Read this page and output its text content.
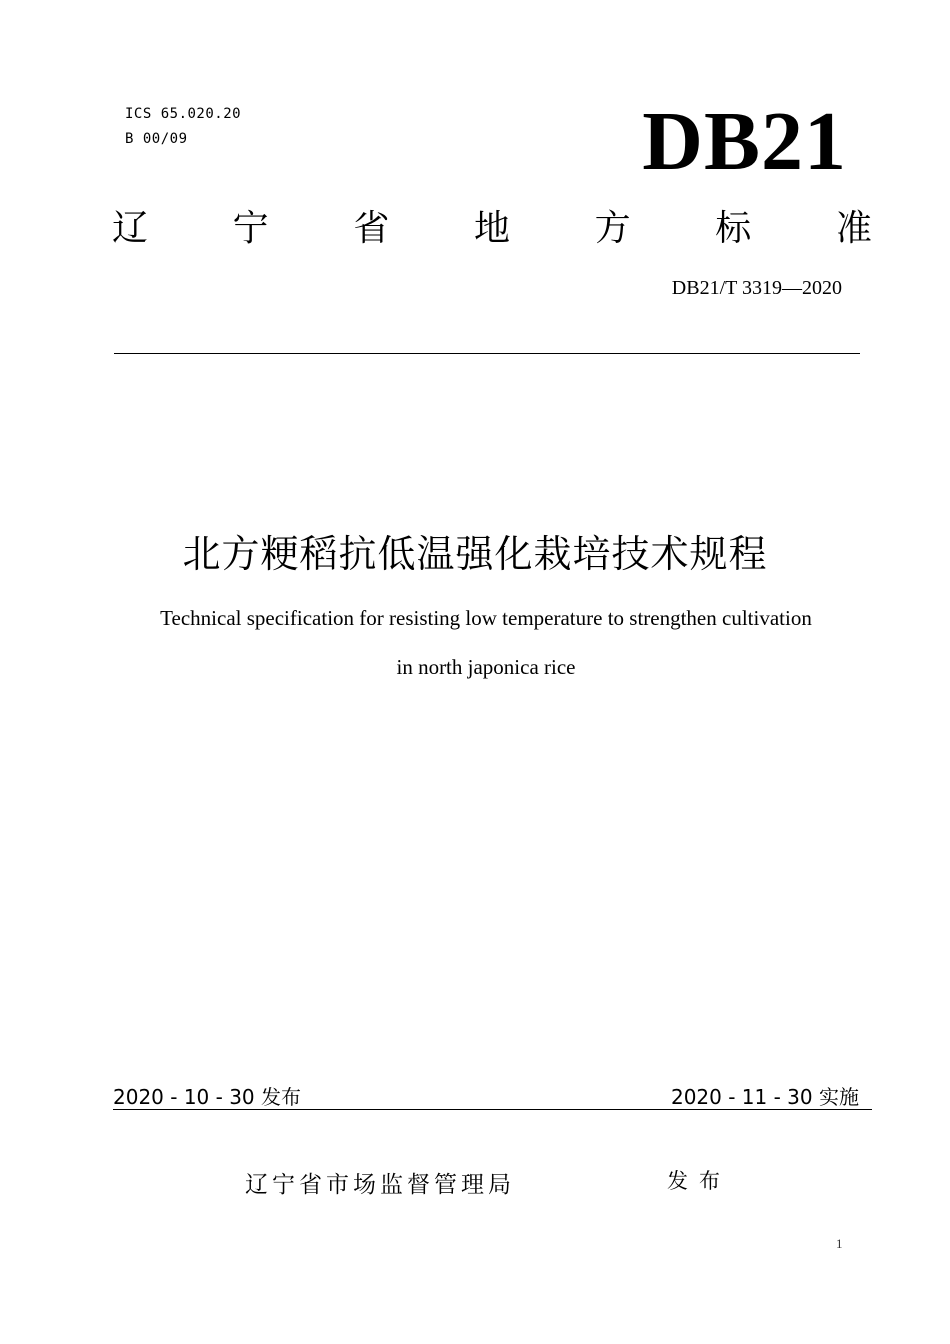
ICS 65.020.20
B 00/09	DB21
辽 宁 省 地 方 标 准
DB21/T 3319—2020
北方粳稻抗低温强化栽培技术规程
Technical specification for resisting low temperature to strengthen cultivation
in north japonica rice
2020 - 10 - 30 发布	2020 - 11 - 30 实施
辽宁省市场监督管理局	发布
1
